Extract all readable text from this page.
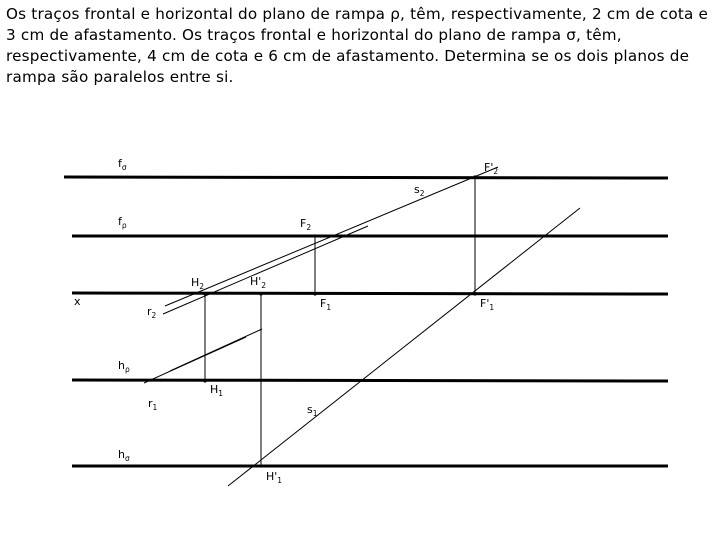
Os traços frontal e horizontal do plano de rampa ρ, têm, respectivamente, 2 cm de cota e 3 cm de afastamento. Os traços frontal e horizontal do plano de rampa σ, têm, respectivamente, 4 cm de cota e 6 cm de afastamento. Determina se os dois planos de rampa são paralelos entre si.

$f_\sigma$	$F'_2$
$s_2$
$f_\rho$	$F_2$
$H_2$	$H'_2$
x	$F_1$	$F'_1$
$r_2$
$h_\rho$
$r_1$
$H_1$
$s_1$
$h_\sigma$
$H'_1$
